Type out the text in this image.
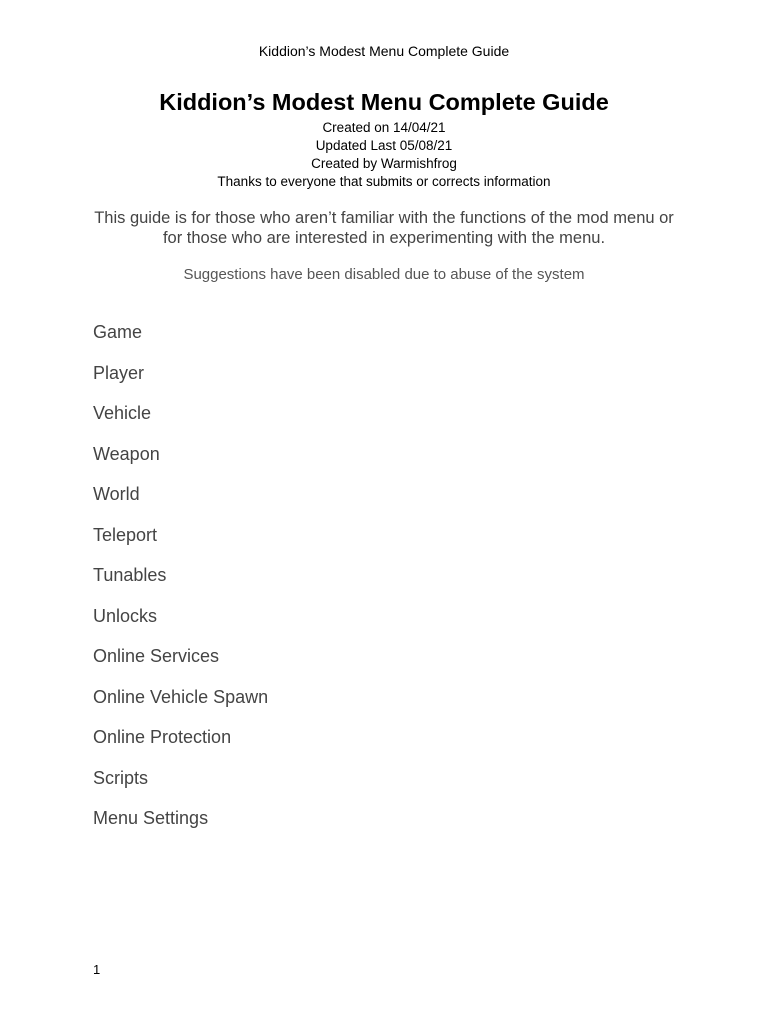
Kiddion’s Modest Menu Complete Guide
Kiddion’s Modest Menu Complete Guide
Created on 14/04/21
Updated Last 05/08/21
Created by Warmishfrog
Thanks to everyone that submits or corrects information
This guide is for those who aren’t familiar with the functions of the mod menu or for those who are interested in experimenting with the menu.
Suggestions have been disabled due to abuse of the system
Game
Player
Vehicle
Weapon
World
Teleport
Tunables
Unlocks
Online Services
Online Vehicle Spawn
Online Protection
Scripts
Menu Settings
1
